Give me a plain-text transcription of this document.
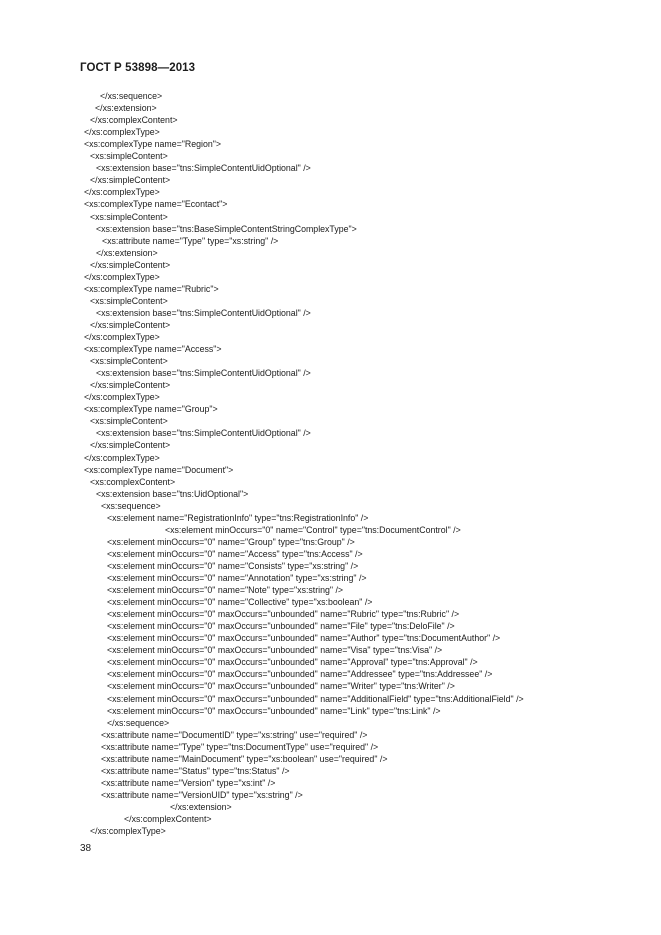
ГОСТ Р 53898—2013
</xs:sequence>
</xs:extension>
</xs:complexContent>
</xs:complexType>
<xs:complexType name="Region">
<xs:simpleContent>
<xs:extension base="tns:SimpleContentUidOptional" />
</xs:simpleContent>
</xs:complexType>
<xs:complexType name="Econtact">
<xs:simpleContent>
<xs:extension base="tns:BaseSimpleContentStringComplexType">
<xs:attribute name="Type" type="xs:string" />
</xs:extension>
</xs:simpleContent>
</xs:complexType>
<xs:complexType name="Rubric">
<xs:simpleContent>
<xs:extension base="tns:SimpleContentUidOptional" />
</xs:simpleContent>
</xs:complexType>
<xs:complexType name="Access">
<xs:simpleContent>
<xs:extension base="tns:SimpleContentUidOptional" />
</xs:simpleContent>
</xs:complexType>
<xs:complexType name="Group">
<xs:simpleContent>
<xs:extension base="tns:SimpleContentUidOptional" />
</xs:simpleContent>
</xs:complexType>
<xs:complexType name="Document">
<xs:complexContent>
<xs:extension base="tns:UidOptional">
<xs:sequence>
<xs:element name="RegistrationInfo" type="tns:RegistrationInfo" />
<xs:element minOccurs="0" name="Control" type="tns:DocumentControl" />
<xs:element minOccurs="0" name="Group" type="tns:Group" />
<xs:element minOccurs="0" name="Access" type="tns:Access" />
<xs:element minOccurs="0" name="Consists" type="xs:string" />
<xs:element minOccurs="0" name="Annotation" type="xs:string" />
<xs:element minOccurs="0" name="Note" type="xs:string" />
<xs:element minOccurs="0" name="Collective" type="xs:boolean" />
<xs:element minOccurs="0" maxOccurs="unbounded" name="Rubric" type="tns:Rubric" />
<xs:element minOccurs="0" maxOccurs="unbounded" name="File" type="tns:DeloFile" />
<xs:element minOccurs="0" maxOccurs="unbounded" name="Author" type="tns:DocumentAuthor" />
<xs:element minOccurs="0" maxOccurs="unbounded" name="Visa" type="tns:Visa" />
<xs:element minOccurs="0" maxOccurs="unbounded" name="Approval" type="tns:Approval" />
<xs:element minOccurs="0" maxOccurs="unbounded" name="Addressee" type="tns:Addressee" />
<xs:element minOccurs="0" maxOccurs="unbounded" name="Writer" type="tns:Writer" />
<xs:element minOccurs="0" maxOccurs="unbounded" name="AdditionalField" type="tns:AdditionalField" />
<xs:element minOccurs="0" maxOccurs="unbounded" name="Link" type="tns:Link" />
</xs:sequence>
<xs:attribute name="DocumentID" type="xs:string" use="required" />
<xs:attribute name="Type" type="tns:DocumentType" use="required" />
<xs:attribute name="MainDocument" type="xs:boolean" use="required" />
<xs:attribute name="Status" type="tns:Status" />
<xs:attribute name="Version" type="xs:int" />
<xs:attribute name="VersionUID" type="xs:string" />
</xs:extension>
</xs:complexContent>
</xs:complexType>
38
